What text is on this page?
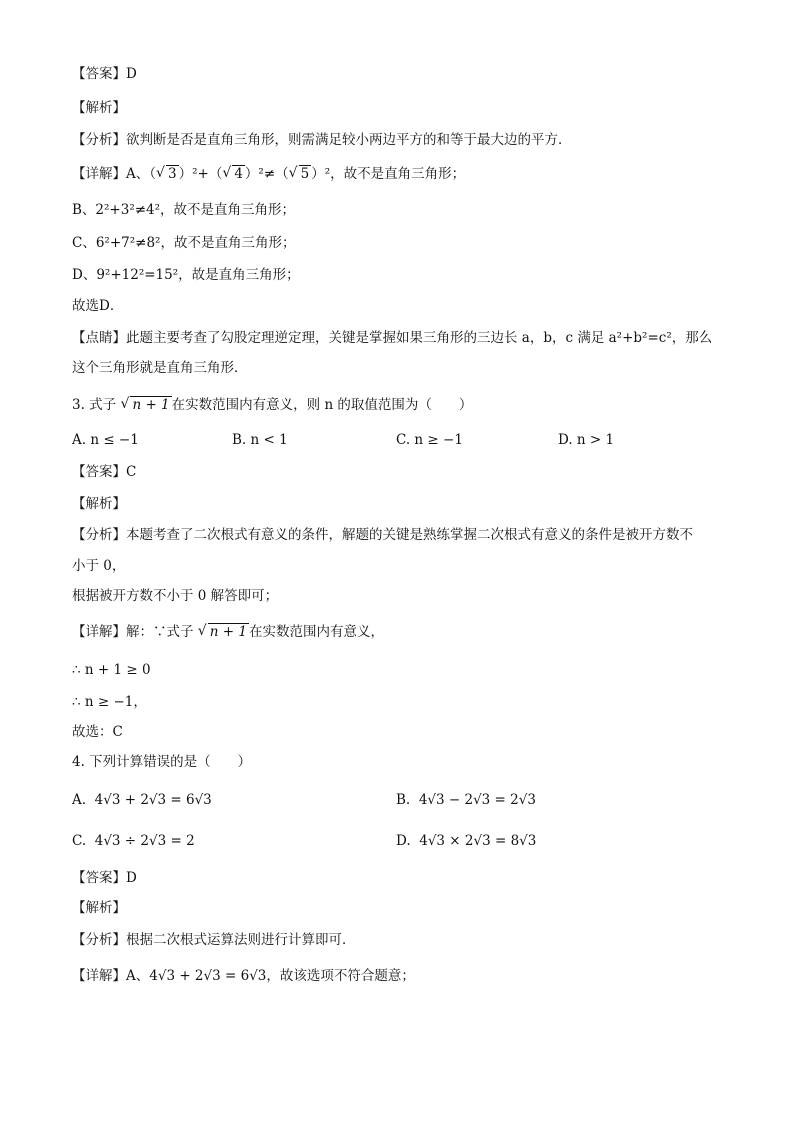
【答案】D
【解析】
【分析】欲判断是否是直角三角形，则需满足较小两边平方的和等于最大边的平方．
【详解】A、（ √ 3 ）²+（ √ 4 ）²≠（ √ 5 ）²，故不是直角三角形；
B、2²+3²≠4²，故不是直角三角形；
C、6²+7²≠8²，故不是直角三角形；
D、9²+12²=15²，故是直角三角形；
故选D．
【点睛】此题主要考查了勾股定理逆定理，关键是掌握如果三角形的三边长 a，b，c 满足 a²+b²=c²，那么
这个三角形就是直角三角形．
3. 式子 √ n + 1 在实数范围内有意义，则 n 的取值范围为（　　）
A. n ≤ −1	B. n < 1	C. n ≥ −1	D. n > 1
【答案】C
【解析】
【分析】本题考查了二次根式有意义的条件，解题的关键是熟练掌握二次根式有意义的条件是被开方数不
小于 0，
根据被开方数不小于 0 解答即可；
【详解】解：∵式子 √ n + 1 在实数范围内有意义，
∴ n + 1 ≥ 0
∴ n ≥ −1，
故选：C
4. 下列计算错误的是（　　）
A. 4√3 + 2√3 = 6√3	B. 4√3 − 2√3 = 2√3
C. 4√3 ÷ 2√3 = 2	D. 4√3 × 2√3 = 8√3
【答案】D
【解析】
【分析】根据二次根式运算法则进行计算即可．
【详解】A、4√3 + 2√3 = 6√3，故该选项不符合题意；
